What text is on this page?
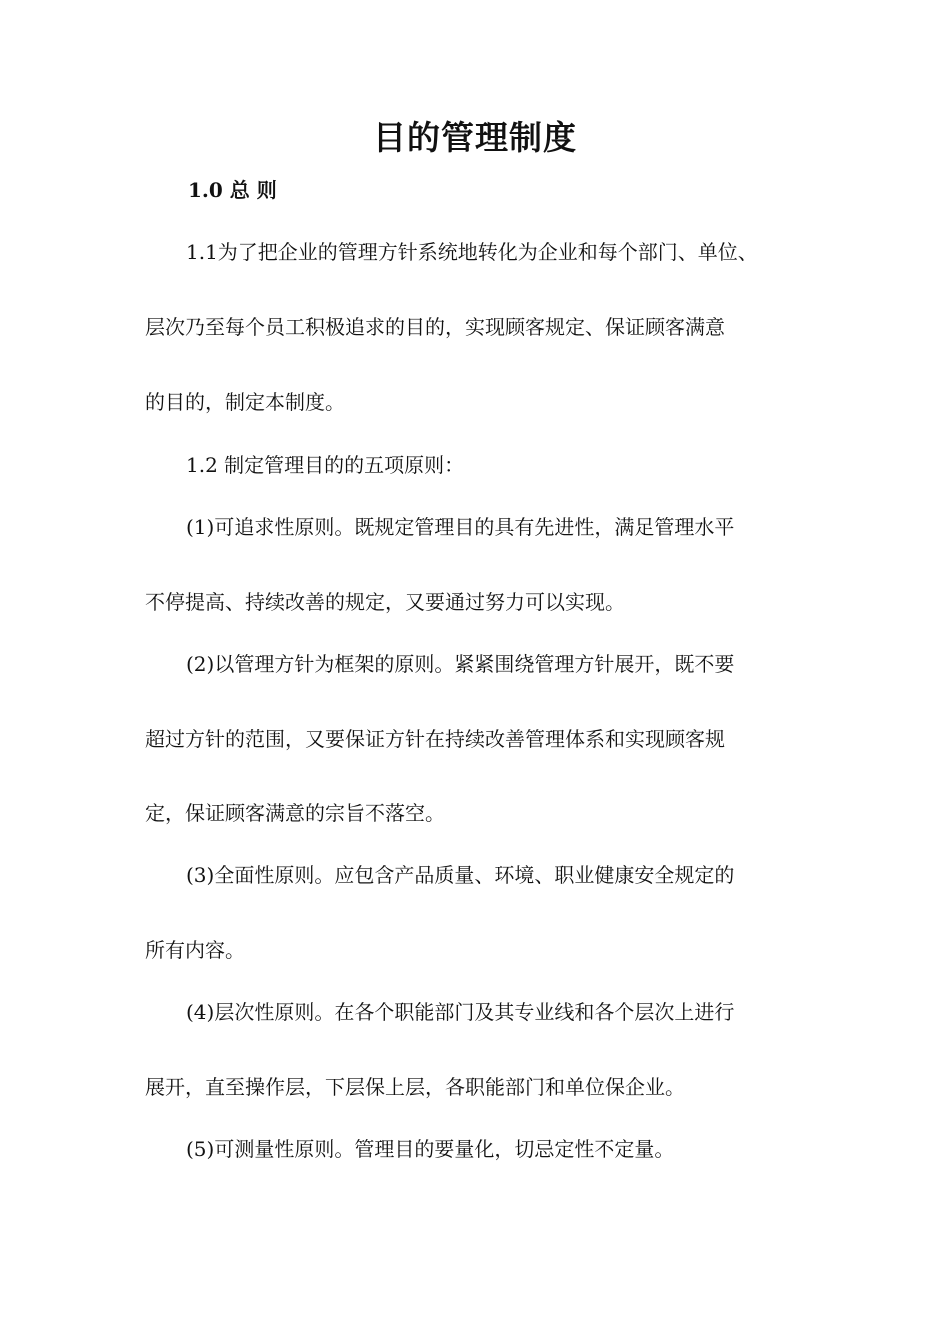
目的管理制度

1.0 总 则

1.1为了把企业的管理方针系统地转化为企业和每个部门、单位、

层次乃至每个员工积极追求的目的，实现顾客规定、保证顾客满意

的目的，制定本制度。

1.2 制定管理目的的五项原则：

(1)可追求性原则。既规定管理目的具有先进性，满足管理水平

不停提高、持续改善的规定，又要通过努力可以实现。

(2)以管理方针为框架的原则。紧紧围绕管理方针展开，既不要

超过方针的范围，又要保证方针在持续改善管理体系和实现顾客规

定，保证顾客满意的宗旨不落空。

(3)全面性原则。应包含产品质量、环境、职业健康安全规定的

所有内容。

(4)层次性原则。在各个职能部门及其专业线和各个层次上进行

展开，直至操作层，下层保上层，各职能部门和单位保企业。

(5)可测量性原则。管理目的要量化，切忌定性不定量。
